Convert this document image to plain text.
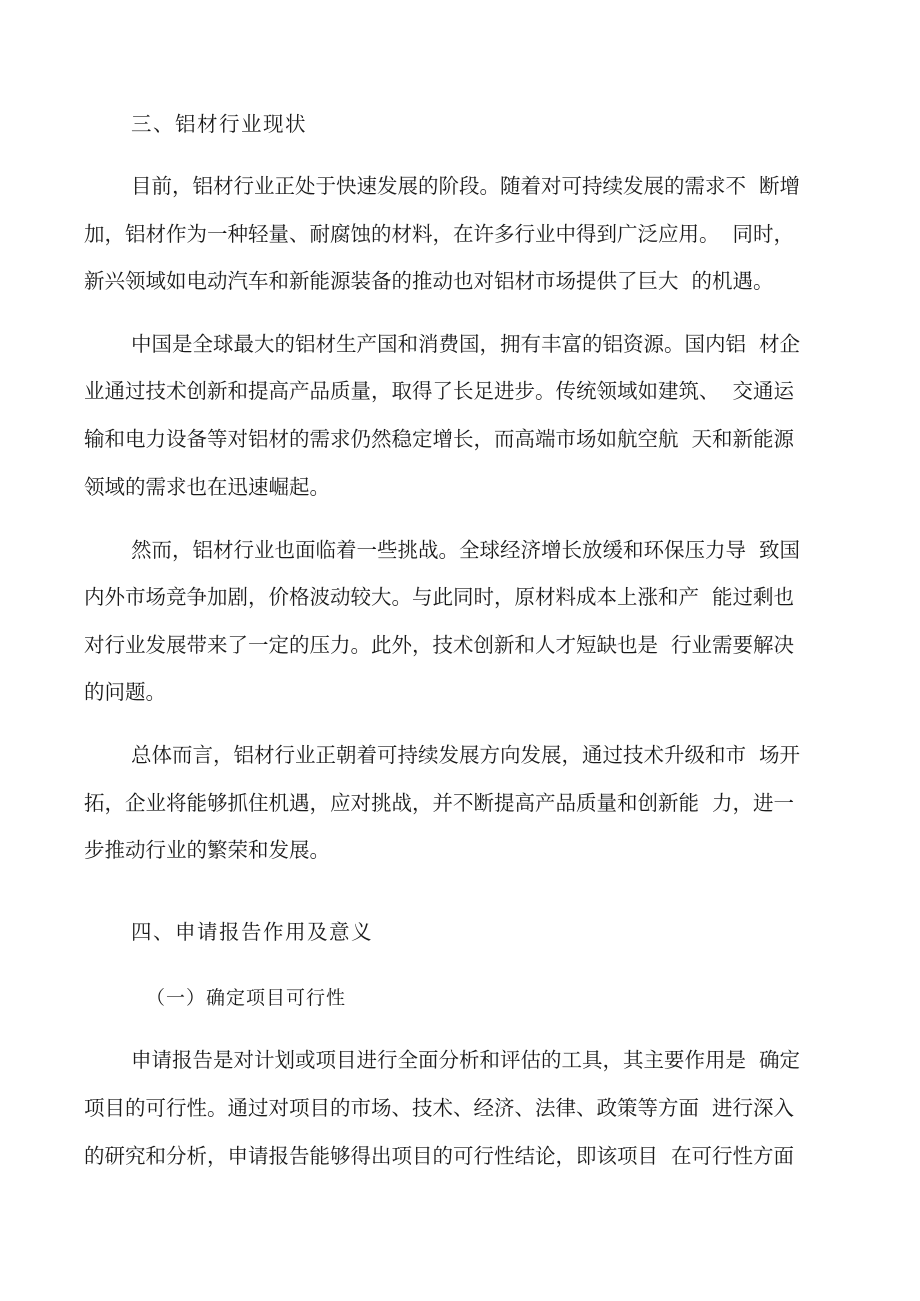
三、铝材行业现状
目前，铝材行业正处于快速发展的阶段。随着对可持续发展的需求不  断增
加，铝材作为一种轻量、耐腐蚀的材料，在许多行业中得到广泛应用。  同时，
新兴领域如电动汽车和新能源装备的推动也对铝材市场提供了巨大  的机遇。
中国是全球最大的铝材生产国和消费国，拥有丰富的铝资源。国内铝  材企
业通过技术创新和提高产品质量，取得了长足进步。传统领域如建筑、  交通运
输和电力设备等对铝材的需求仍然稳定增长，而高端市场如航空航  天和新能源
领域的需求也在迅速崛起。
然而，铝材行业也面临着一些挑战。全球经济增长放缓和环保压力导  致国
内外市场竞争加剧，价格波动较大。与此同时，原材料成本上涨和产  能过剩也
对行业发展带来了一定的压力。此外，技术创新和人才短缺也是  行业需要解决
的问题。
总体而言，铝材行业正朝着可持续发展方向发展，通过技术升级和市  场开
拓，企业将能够抓住机遇，应对挑战，并不断提高产品质量和创新能  力，进一
步推动行业的繁荣和发展。
四、申请报告作用及意义
（一）确定项目可行性
申请报告是对计划或项目进行全面分析和评估的工具，其主要作用是  确定
项目的可行性。通过对项目的市场、技术、经济、法律、政策等方面  进行深入
的研究和分析，申请报告能够得出项目的可行性结论，即该项目  在可行性方面
